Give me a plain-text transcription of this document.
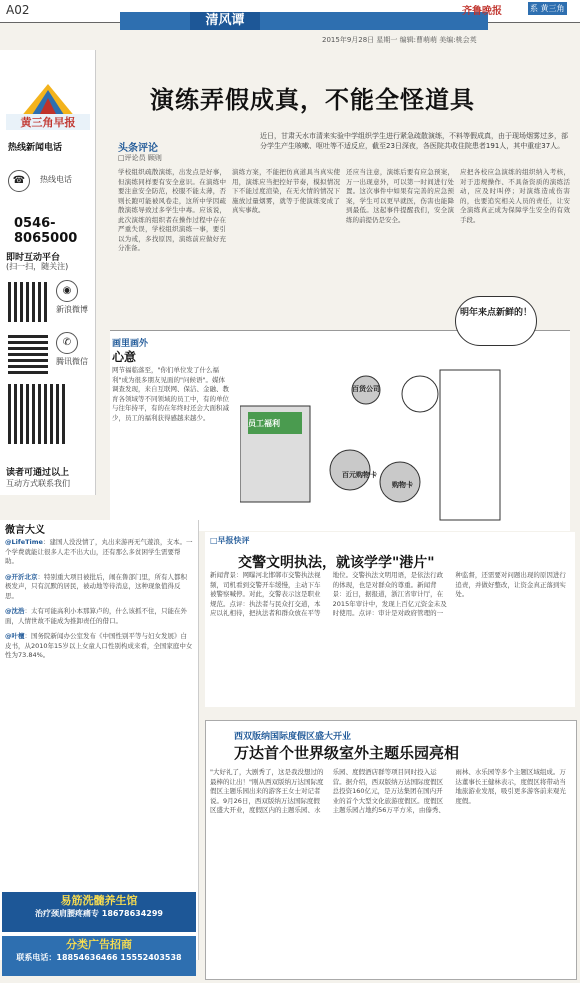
A02
清风谭
齐鲁晚报	系 黄三角
2015年9月28日 星期一 编辑:曹萌萌 美编:桃会英
黄三角早报
热线新闻电话
☎	热线电话
0546-8065000
即时互动平台
(扫一扫，随关注)
◉
新浪微博
✆
腾讯微信
读者可通过以上
互动方式联系我们
演练弄假成真，不能全怪道具
头条评论
□评论员 顾则
近日，甘肃天水市清来实验中学组织学生进行紧急疏散演练，不料等假成真，由于现场烟雾过多，部分学生产生咳嗽、呕吐等不适反应，截至23日深夜，各医院共收住院患者191人，其中重症37人。
学校组织疏散演练，出发点是好事，但演练同样要有安全意识。在演练中要注意安全防范，校服不能太薄，否则长跑可能被风卷走，这所中学因疏散演练导致过多学生中毒。应该说，此次演练的组织者在操作过程中存在严重失误，学校组织演练一事，要引以为戒，多找原因，演练前应做好充分准备。
演练方案，不能把仿真道具当真实使用，演练应当把控好节奏，模拟情况下不能过度渲染，在无火情的情况下施放过量烟雾，就等于使演练变成了真实事故。
还应当注意，演练后要有应急预案，万一出现意外，可以第一时间进行处置。这次事件中如果有完善的应急预案，学生可以更早就医，伤害也能降到最低。这起事件提醒我们，安全演练的前提仍是安全。
应把各校应急演练的组织纳入考核，对于违规操作、不具备资质的演练活动，应及时叫停；对演练造成伤害的，也要追究相关人员的责任，让安全演练真正成为保障学生安全的有效手段。
画里画外
心意
网节福临落至，"你们单位发了什么福利"成为很多朋友见面的"问候语"。媒体调查发现，来自互联网、保洁、金融、教育各领域等不同领域的员工中，有的单位与往年持平，有的在年终时还会大面积减少，员工的福利获得感越来越少。
员工福利
百元购物卡
百货公司
购物卡
明年来点新鲜的！
微言大义
@LifeTime：建国人没没情了，丸出来游再无气遊浪，支本。一个学费就能让很多人走不出大山，还有那么多贫困学生需要帮助。
@开沂北京：特别重大项目被批后，闹在鲁部门里，所有人都积极发声，只有沉默的居民，被动地等待消息，这种现象值得反思。
@沈浩：太有可能高利小本那算卢的，什么该抓不住，只能在外面，人情世故不能成为推卸责任的借口。
@叶檀：国务院新闻办公室发布《中国性别平等与妇女发展》白皮书，从2010年15岁以上女童人口性别构成来看，全国家庭中女性为73.84%。
易筋洗髓养生馆
治疗颈肩腰疼痛专 18678634299
分类广告招商
联系电话：18854636466 15552403538
□早报快评
交警文明执法，就该学学"港片"
新闻背景：网曝河北邯郸市交警执法视频，司机看到交警开车缓慢，主动下车被警察喊停。对此，交警表示这是职业规范。点评：执法者与民众打交道，本应以礼相待，把执法者和群众放在平等地位。交警执法文明用语，是依法行政的体现，也是对群众的尊重。新闻背景：近日，据报道，浙江省审计厅，在2015年审计中，发现上百亿元资金未及时使用。点评：审计是对政府管理的一种监督，还需要对问题出现的原因进行追责，并做好整改，让资金真正落到实处。
西双版纳国际度假区盛大开业
万达首个世界级室外主题乐园亮相
"大好礼了，大剧秀了，这是我没想过的最棒的让出！"刚从西双版纳万达国际度假区主题乐园出来的游客王女士对记者说。9月26日，西双版纳万达国际度假区盛大开业，度假区内的主题乐园、水乐园、度假酒店群等项目同时投入运营。据介绍，西双版纳万达国际度假区总投资160亿元，是万达集团在国内开业的首个大型文化旅游度假区。度假区主题乐园占地约56万平方米，由傣秀、雨林、水乐园等多个主题区域组成。万达董事长王健林表示，度假区将带动当地旅游业发展，吸引更多游客前来观光度假。
